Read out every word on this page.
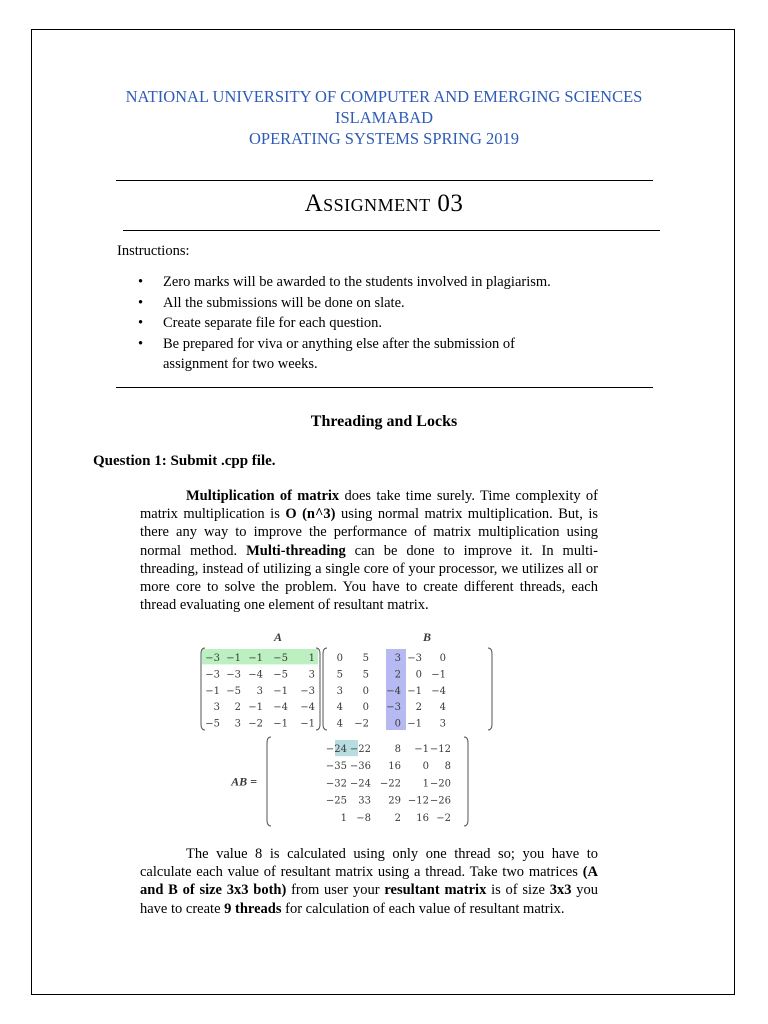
NATIONAL UNIVERSITY OF COMPUTER AND EMERGING SCIENCES
ISLAMABAD
OPERATING SYSTEMS SPRING 2019
Assignment 03
Instructions:
• Zero marks will be awarded to the students involved in plagiarism.
• All the submissions will be done on slate.
• Create separate file for each question.
• Be prepared for viva or anything else after the submission of assignment for two weeks.
Threading and Locks
Question 1: Submit .cpp file.

Multiplication of matrix does take time surely. Time complexity of matrix multiplication is O (n^3) using normal matrix multiplication. But, is there any way to improve the performance of matrix multiplication using normal method. Multi-threading can be done to improve it. In multi-threading, instead of utilizing a single core of your processor, we utilizes all or more core to solve the problem. You have to create different threads, each thread evaluating one element of resultant matrix.

A	B
−3 −1 −1 −5 1
−3 −3 −4 −5 3
−1 −5 3 −1 −3
3 2 −1 −4 −4
−5 3 −2 −1 −1
0 5	3 −3 0
5 5	2 0 −1
3 0 −4 −1 −4
4 0 −3 2 4
4 −2	0 −1 3
AB =
−24 −22 8 −1 −12
−35 −36 16 0 8
−32 −24 −22 1 −20
−25 33 29 −12 −26
1 −8 2 16 −2

The value 8 is calculated using only one thread so; you have to calculate each value of resultant matrix using a thread. Take two matrices (A and B of size 3x3 both) from user your resultant matrix is of size 3x3 you have to create 9 threads for calculation of each value of resultant matrix.
